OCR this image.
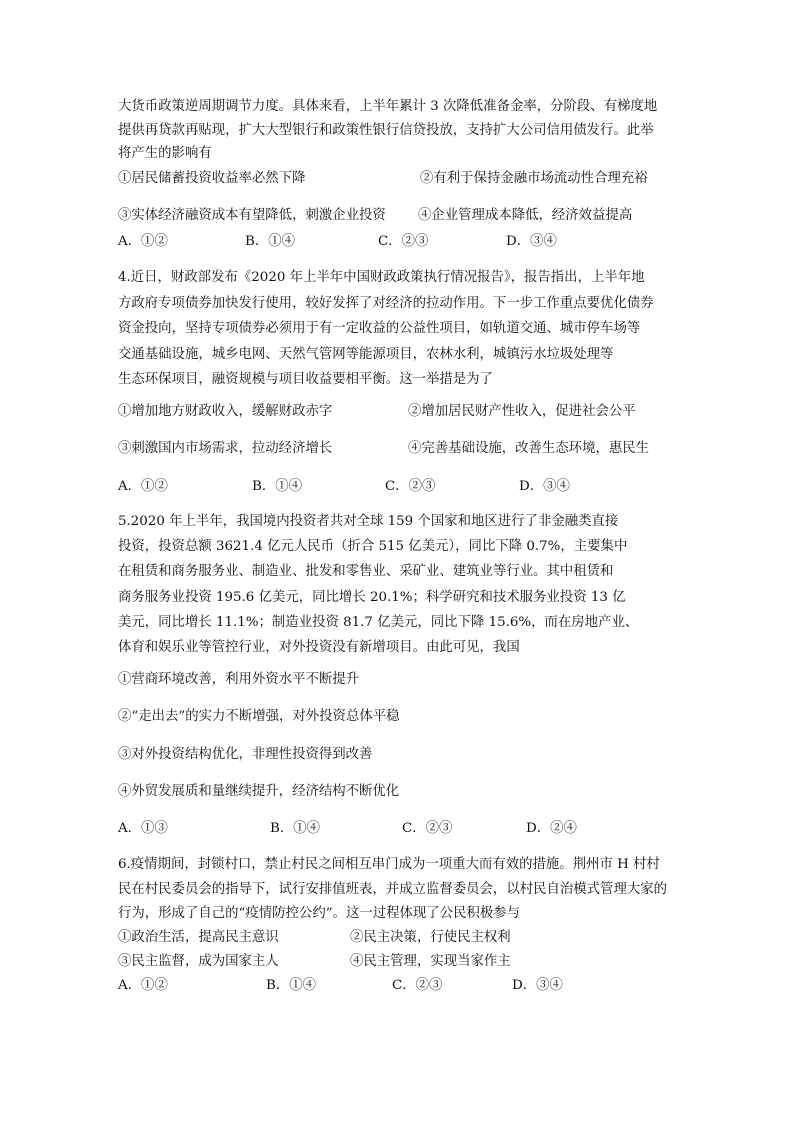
大货币政策逆周期调节力度。具体来看，上半年累计 3 次降低准备金率，分阶段、有梯度地
提供再贷款再贴现，扩大大型银行和政策性银行信贷投放，支持扩大公司信用债发行。此举
将产生的影响有
①居民储蓄投资收益率必然下降	②有利于保持金融市场流动性合理充裕
③实体经济融资成本有望降低，刺激企业投资 ④企业管理成本降低，经济效益提高
A．①②	B．①④	C．②③	D．③④
4.近日，财政部发布《2020 年上半年中国财政政策执行情况报告》，报告指出，上半年地
方政府专项债券加快发行使用，较好发挥了对经济的拉动作用。下一步工作重点要优化债券
资金投向，坚持专项债券必须用于有一定收益的公益性项目，如轨道交通、城市停车场等
交通基础设施，城乡电网、天然气管网等能源项目，农林水利，城镇污水垃圾处理等
生态环保项目，融资规模与项目收益要相平衡。这一举措是为了
①增加地方财政收入，缓解财政赤字	②增加居民财产性收入，促进社会公平
③刺激国内市场需求，拉动经济增长	④完善基础设施，改善生态环境，惠民生
A．①②	B．①④	C．②③	D．③④
5.2020 年上半年，我国境内投资者共对全球 159 个国家和地区进行了非金融类直接
投资，投资总额 3621.4 亿元人民币（折合 515 亿美元），同比下降 0.7%，主要集中
在租赁和商务服务业、制造业、批发和零售业、采矿业、建筑业等行业。其中租赁和
商务服务业投资 195.6 亿美元，同比增长 20.1%；科学研究和技术服务业投资 13 亿
美元，同比增长 11.1%；制造业投资 81.7 亿美元，同比下降 15.6%，而在房地产业、
体育和娱乐业等管控行业，对外投资没有新增项目。由此可见，我国
①营商环境改善，利用外资水平不断提升
②“走出去”的实力不断增强，对外投资总体平稳
③对外投资结构优化，非理性投资得到改善
④外贸发展质和量继续提升，经济结构不断优化
A．①③	B．①④	C．②③	D．②④
6.疫情期间，封锁村口，禁止村民之间相互串门成为一项重大而有效的措施。荆州市 H 村村
民在村民委员会的指导下，试行安排值班表，并成立监督委员会，以村民自治模式管理大家的
行为，形成了自己的“疫情防控公约”。这一过程体现了公民积极参与
①政治生活，提高民主意识	②民主决策，行使民主权利
③民主监督，成为国家主人	④民主管理，实现当家作主
A．①②	B．①④	C．②③	D．③④
